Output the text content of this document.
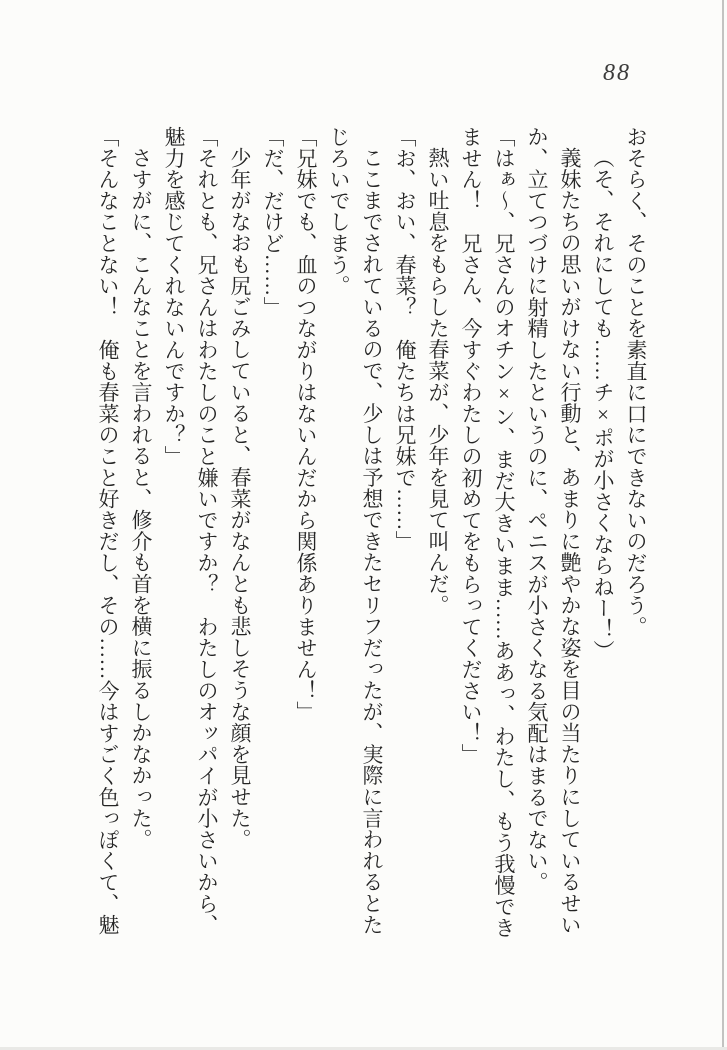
88

おそらく、そのことを素直に口にできないのだろう。

（そ、それにしても……チ×ポが小さくならねー！）

義妹たちの思いがけない行動と、あまりに艶やかな姿を目の当たりにしているせい

か、立てつづけに射精したというのに、ペニスが小さくなる気配はまるでない。

「はぁ～、兄さんのオチン×ン、まだ大きいまま……ああっ、わたし、もう我慢でき

ません！　兄さん、今すぐわたしの初めてをもらってください！」

熱い吐息をもらした春菜が、少年を見て叫んだ。

「お、おい、春菜？　俺たちは兄妹で……」

ここまでされているので、少しは予想できたセリフだったが、実際に言われるとた

じろいでしまう。

「兄妹でも、血のつながりはないんだから関係ありません！」

「だ、だけど……」

少年がなおも尻ごみしていると、春菜がなんとも悲しそうな顔を見せた。

「それとも、兄さんはわたしのこと嫌いですか？　わたしのオッパイが小さいから、

魅力を感じてくれないんですか？」

さすがに、こんなことを言われると、修介も首を横に振るしかなかった。

「そんなことない！　俺も春菜のこと好きだし、その……今はすごく色っぽくて、魅
